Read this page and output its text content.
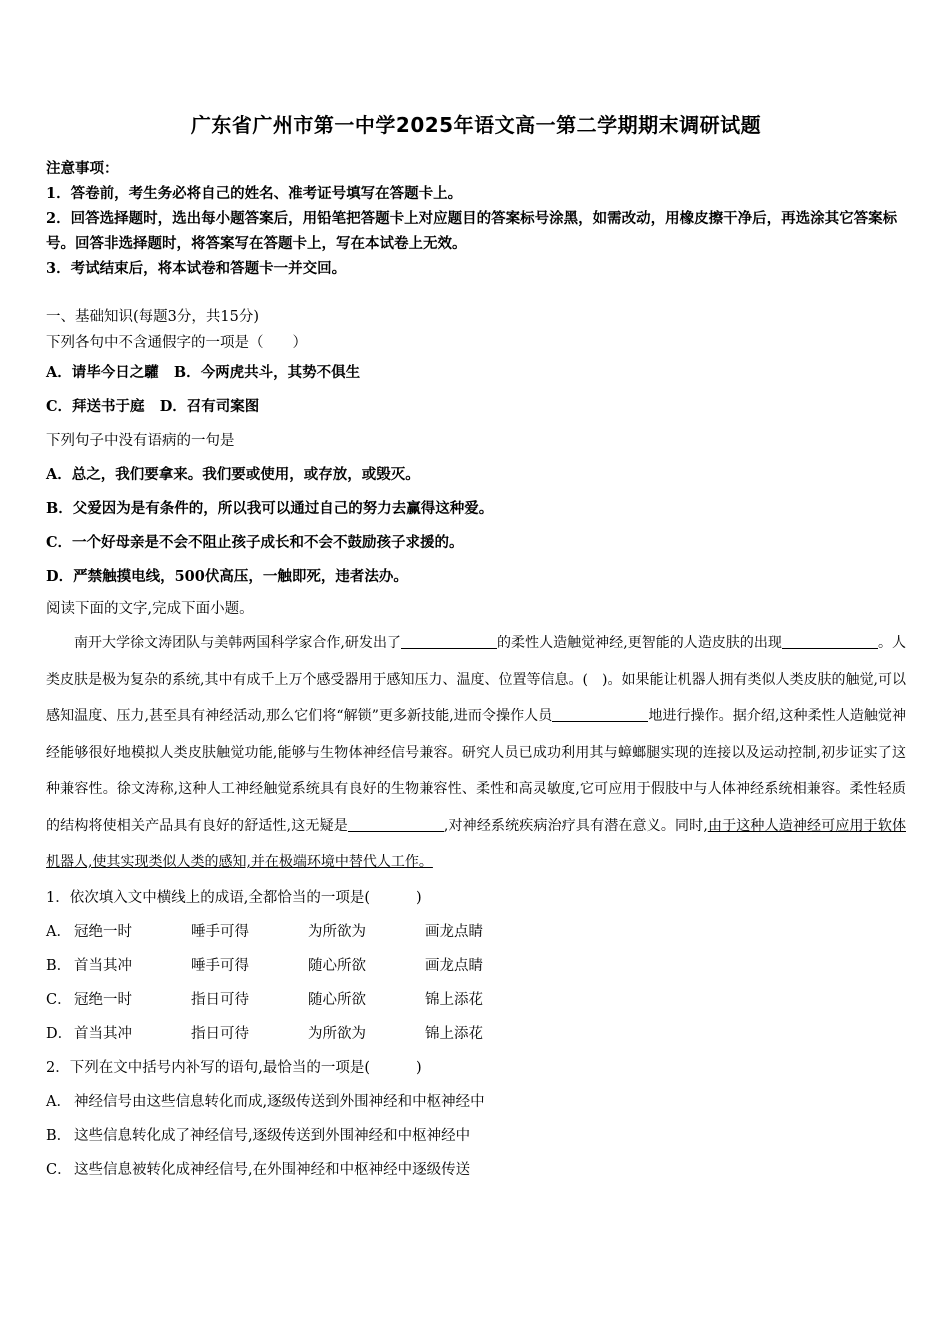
广东省广州市第一中学2025年语文高一第二学期期末调研试题
注意事项：
1．答卷前，考生务必将自己的姓名、准考证号填写在答题卡上。
2．回答选择题时，选出每小题答案后，用铅笔把答题卡上对应题目的答案标号涂黑，如需改动，用橡皮擦干净后，再选涂其它答案标号。回答非选择题时，将答案写在答题卡上，写在本试卷上无效。
3．考试结束后，将本试卷和答题卡一并交回。
一、基础知识(每题3分，共15分)
下列各句中不含通假字的一项是（　　）
A．请毕今日之驩 B．今两虎共斗，其势不俱生
C．拜送书于庭 D．召有司案图
下列句子中没有语病的一句是
A．总之，我们要拿来。我们要或使用，或存放，或毁灭。
B．父爱因为是有条件的，所以我可以通过自己的努力去赢得这种爱。
C．一个好母亲是不会不阻止孩子成长和不会不鼓励孩子求援的。
D．严禁触摸电线，500伏高压，一触即死，违者法办。
阅读下面的文字,完成下面小题。
南开大学徐文涛团队与美韩两国科学家合作,研发出了	的柔性人造触觉神经,更智能的人造皮肤的出现	。人类皮肤是极为复杂的系统,其中有成千上万个感受器用于感知压力、温度、位置等信息。(　)。如果能让机器人拥有类似人类皮肤的触觉,可以感知温度、压力,甚至具有神经活动,那么它们将“解锁”更多新技能,进而令操作人员	地进行操作。据介绍,这种柔性人造触觉神经能够很好地模拟人类皮肤触觉功能,能够与生物体神经信号兼容。研究人员已成功利用其与蟑螂腿实现的连接以及运动控制,初步证实了这种兼容性。徐文涛称,这种人工神经触觉系统具有良好的生物兼容性、柔性和高灵敏度,它可应用于假肢中与人体神经系统相兼容。柔性轻质的结构将使相关产品具有良好的舒适性,这无疑是	,对神经系统疾病治疗具有潜在意义。同时,由于这种人造神经可应用于软体机器人,使其实现类似人类的感知,并在极端环境中替代人工作。
1．依次填入文中横线上的成语,全都恰当的一项是(	)
A． 冠绝一时	唾手可得	为所欲为	画龙点睛
B． 首当其冲	唾手可得	随心所欲	画龙点睛
C． 冠绝一时	指日可待	随心所欲	锦上添花
D． 首当其冲	指日可待	为所欲为	锦上添花
2．下列在文中括号内补写的语句,最恰当的一项是(	)
A． 神经信号由这些信息转化而成,逐级传送到外围神经和中枢神经中
B． 这些信息转化成了神经信号,逐级传送到外围神经和中枢神经中
C． 这些信息被转化成神经信号,在外围神经和中枢神经中逐级传送
